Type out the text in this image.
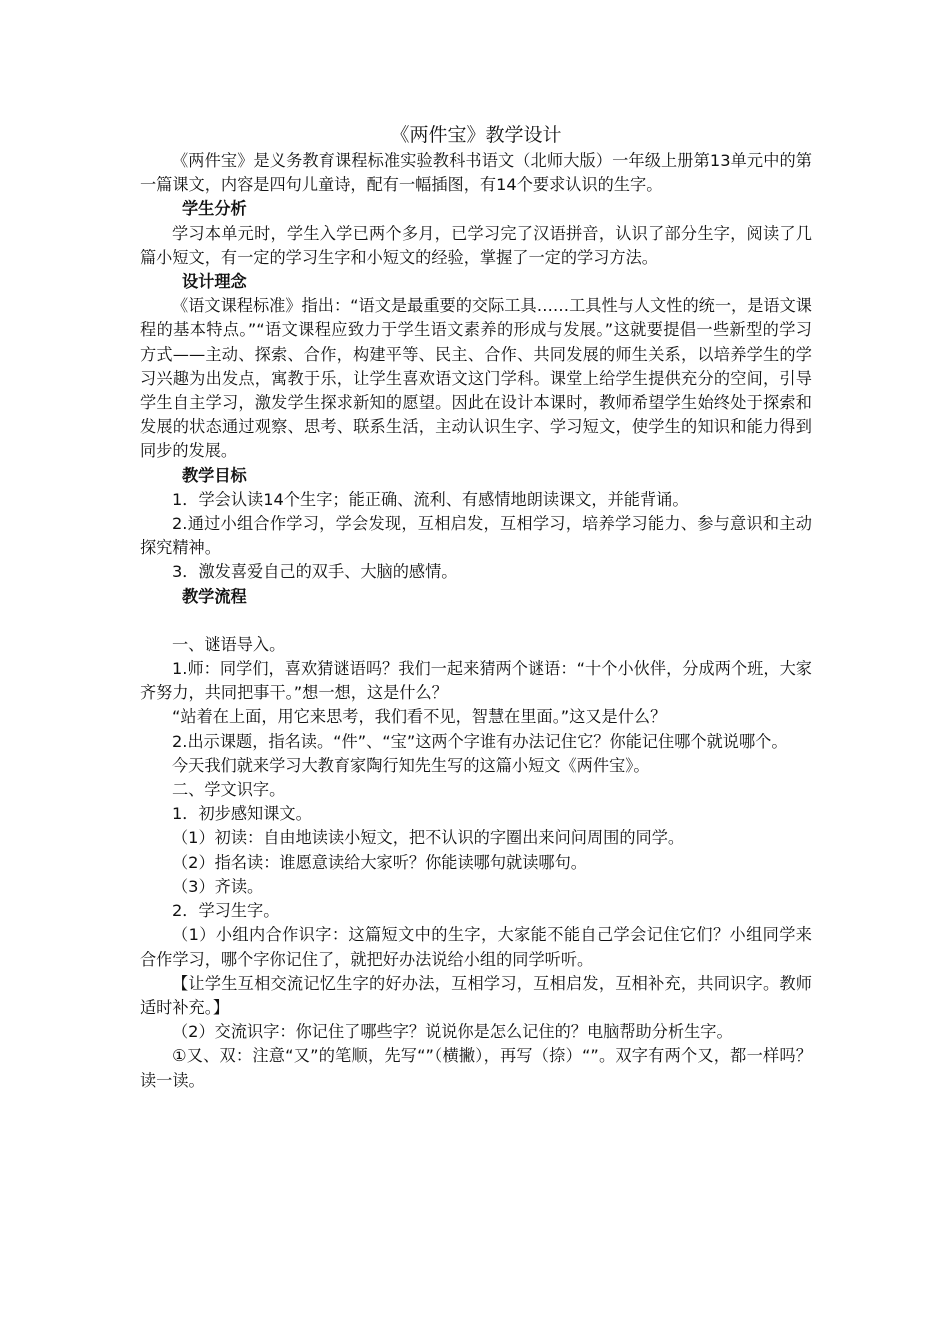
《两件宝》教学设计

《两件宝》是义务教育课程标准实验教科书语文（北师大版）一年级上册第13单元中的第一篇课文，内容是四句儿童诗，配有一幅插图，有14个要求认识的生字。

学生分析

学习本单元时，学生入学已两个多月，已学习完了汉语拼音，认识了部分生字，阅读了几篇小短文，有一定的学习生字和小短文的经验，掌握了一定的学习方法。

设计理念

《语文课程标准》指出：“语文是最重要的交际工具……工具性与人文性的统一，是语文课程的基本特点。”“语文课程应致力于学生语文素养的形成与发展。”这就要提倡一些新型的学习方式——主动、探索、合作，构建平等、民主、合作、共同发展的师生关系，以培养学生的学习兴趣为出发点，寓教于乐，让学生喜欢语文这门学科。课堂上给学生提供充分的空间，引导学生自主学习，激发学生探求新知的愿望。因此在设计本课时，教师希望学生始终处于探索和发展的状态通过观察、思考、联系生活，主动认识生字、学习短文，使学生的知识和能力得到同步的发展。

教学目标

1．学会认读14个生字；能正确、流利、有感情地朗读课文，并能背诵。

2.通过小组合作学习，学会发现，互相启发，互相学习，培养学习能力、参与意识和主动探究精神。

3．激发喜爱自己的双手、大脑的感情。

教学流程

一、谜语导入。

1.师：同学们，喜欢猜谜语吗？我们一起来猜两个谜语：“十个小伙伴，分成两个班，大家齐努力，共同把事干。”想一想，这是什么？

“站着在上面，用它来思考，我们看不见，智慧在里面。”这又是什么？

2.出示课题，指名读。“件”、“宝”这两个字谁有办法记住它？你能记住哪个就说哪个。

今天我们就来学习大教育家陶行知先生写的这篇小短文《两件宝》。

二、学文识字。

1．初步感知课文。

（1）初读：自由地读读小短文，把不认识的字圈出来问问周围的同学。

（2）指名读：谁愿意读给大家听？你能读哪句就读哪句。

（3）齐读。

2．学习生字。

（1）小组内合作识字：这篇短文中的生字，大家能不能自己学会记住它们？小组同学来合作学习，哪个字你记住了，就把好办法说给小组的同学听听。

【让学生互相交流记忆生字的好办法，互相学习，互相启发，互相补充，共同识字。教师适时补充。】

（2）交流识字：你记住了哪些字？说说你是怎么记住的？电脑帮助分析生字。

①又、双：注意“又”的笔顺，先写“”（横撇），再写（捺）“”。双字有两个又，都一样吗？读一读。
